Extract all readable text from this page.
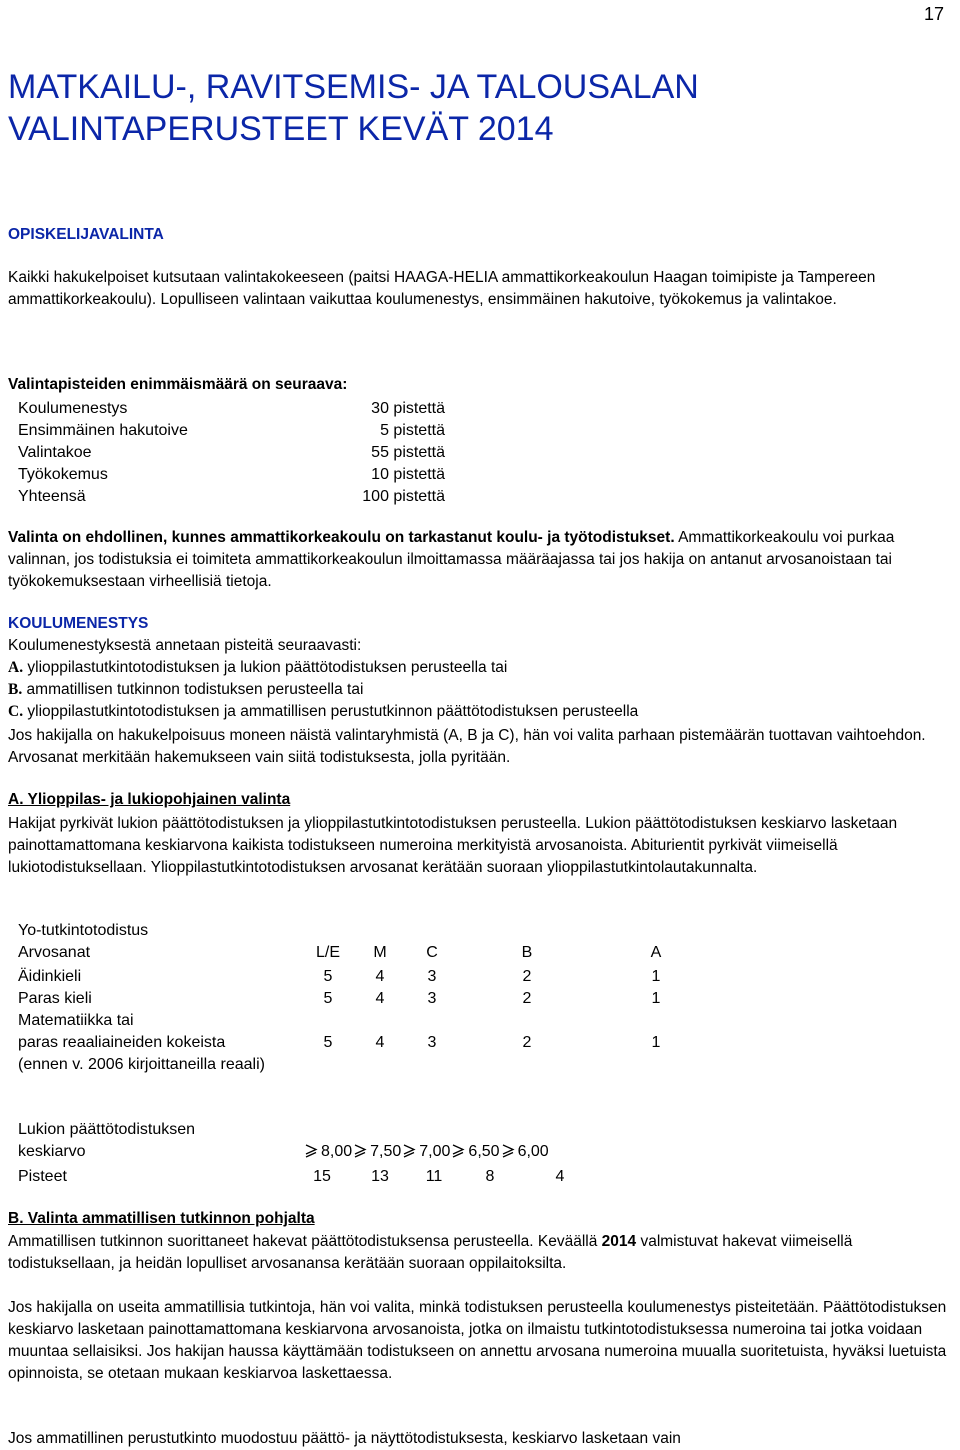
17
MATKAILU-, RAVITSEMIS- JA TALOUSALAN
VALINTAPERUSTEET KEVÄT 2014
OPISKELIJAVALINTA
Kaikki hakukelpoiset kutsutaan valintakokeeseen (paitsi HAAGA-HELIA ammattikorkeakoulun Haagan toimipiste ja Tampereen ammattikorkeakoulu). Lopulliseen valintaan vaikuttaa koulumenestys, ensimmäinen hakutoive, työkokemus ja valintakoe.
Valintapisteiden enimmäismäärä on seuraava:
Koulumenestys	30 pistettä
Ensimmäinen hakutoive	5 pistettä
Valintakoe	55 pistettä
Työkokemus	10 pistettä
Yhteensä	100 pistettä
Valinta on ehdollinen, kunnes ammattikorkeakoulu on tarkastanut koulu- ja työtodistukset. Ammattikorkeakoulu voi purkaa valinnan, jos todistuksia ei toimiteta ammattikorkeakoulun ilmoittamassa määräajassa tai jos hakija on antanut arvosanoistaan tai työkokemuksestaan virheellisiä tietoja.
KOULUMENESTYS
Koulumenestyksestä annetaan pisteitä seuraavasti:
A. ylioppilastutkintotodistuksen ja lukion päättötodistuksen perusteella tai
B. ammatillisen tutkinnon todistuksen perusteella tai
C. ylioppilastutkintotodistuksen ja ammatillisen perustutkinnon päättötodistuksen perusteella
Jos hakijalla on hakukelpoisuus moneen näistä valintaryhmistä (A, B ja C), hän voi valita parhaan pistemäärän tuottavan vaihtoehdon. Arvosanat merkitään hakemukseen vain siitä todistuksesta, jolla pyritään.
A. Ylioppilas- ja lukiopohjainen valinta
Hakijat pyrkivät lukion päättötodistuksen ja ylioppilastutkintotodistuksen perusteella. Lukion päättötodistuksen keskiarvo lasketaan painottamattomana keskiarvona kaikista todistukseen numeroina merkityistä arvosanoista. Abiturientit pyrkivät viimeisellä lukiotodistuksellaan. Ylioppilastutkintotodistuksen arvosanat kerätään suoraan ylioppilastutkintolautakunnalta.
Yo-tutkintotodistus
Arvosanat	L/E	M	C	B	A
Äidinkieli	5	4	3	2	1
Paras kieli	5	4	3	2	1
Matematiikka tai
paras reaaliaineiden kokeista	5	4	3	2	1
(ennen v. 2006 kirjoittaneilla reaali)
Lukion päättötodistuksen
keskiarvo	8,00 7,50 7,00 6,50 6,00
Pisteet	15	13	11	8	4
B. Valinta ammatillisen tutkinnon pohjalta
Ammatillisen tutkinnon suorittaneet hakevat päättötodistuksensa perusteella. Keväällä 2014 valmistuvat hakevat viimeisellä todistuksellaan, ja heidän lopulliset arvosanansa kerätään suoraan oppilaitoksilta.
Jos hakijalla on useita ammatillisia tutkintoja, hän voi valita, minkä todistuksen perusteella koulumenestys pisteitetään. Päättötodistuksen keskiarvo lasketaan painottamattomana keskiarvona arvosanoista, jotka on ilmaistu tutkintotodistuksessa numeroina tai jotka voidaan muuntaa sellaisiksi. Jos hakijan haussa käyttämään todistukseen on annettu arvosana numeroina muualla suoritetuista, hyväksi luetuista opinnoista, se otetaan mukaan keskiarvoa laskettaessa.
Jos ammatillinen perustutkinto muodostuu päättö- ja näyttötodistuksesta, keskiarvo lasketaan vain
